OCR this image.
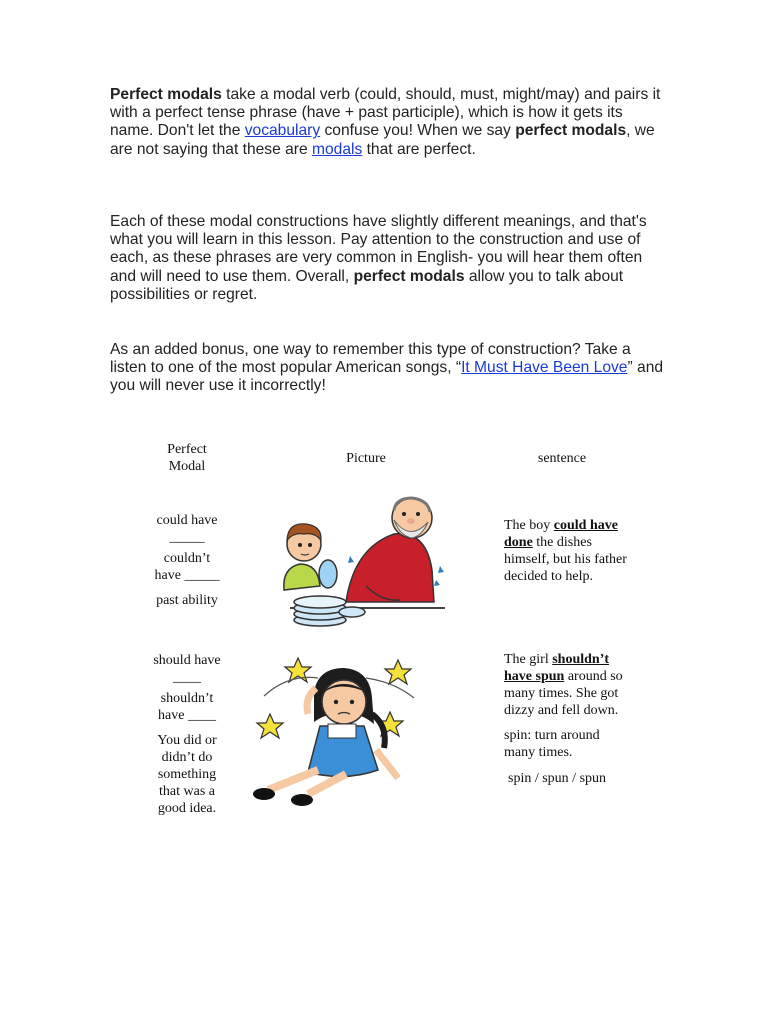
Perfect modals take a modal verb (could, should, must, might/may) and pairs it with a perfect tense phrase (have + past participle), which is how it gets its name. Don't let the vocabulary confuse you! When we say perfect modals, we are not saying that these are modals that are perfect.

Each of these modal constructions have slightly different meanings, and that's what you will learn in this lesson. Pay attention to the construction and use of each, as these phrases are very common in English- you will hear them often and will need to use them. Overall, perfect modals allow you to talk about possibilities or regret.

As an added bonus, one way to remember this type of construction? Take a listen to one of the most popular American songs, “It Must Have Been Love” and you will never use it incorrectly!

Perfect
Modal
Picture	sentence
could have
_____
couldn’t
have _____
past ability
The boy could have done the dishes himself, but his father decided to help.
should have
____
shouldn’t
have ____
You did or didn’t do something that was a good idea.
The girl shouldn’t have spun around so many times. She got dizzy and fell down.
spin: turn around many times.
spin / spun / spun
